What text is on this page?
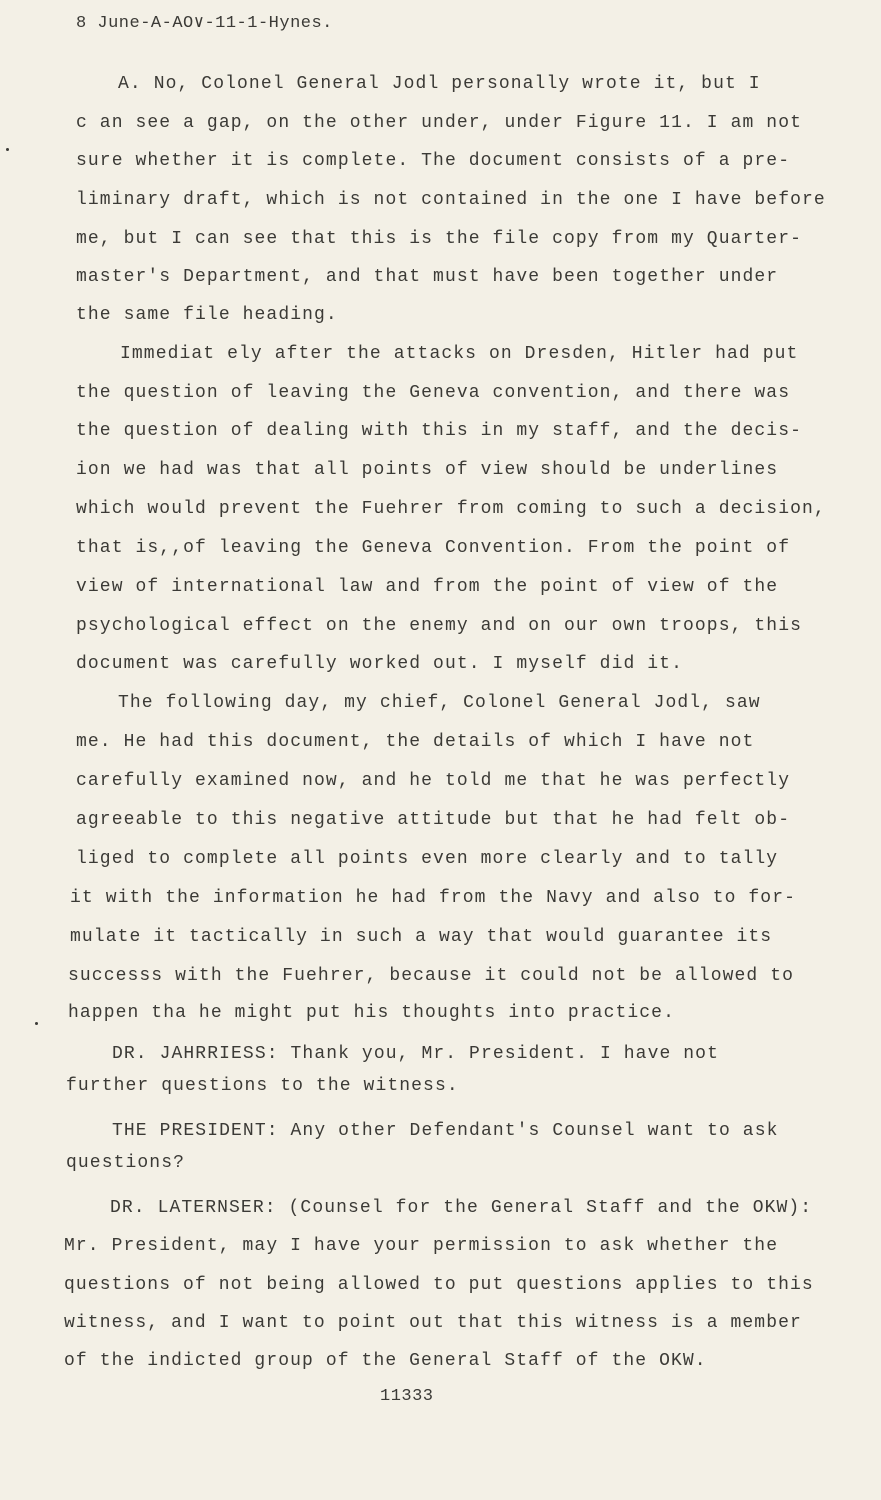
8 June-A-AO∨-11-1-Hynes.
A. No, Colonel General Jodl personally wrote it, but I
c an see a gap, on the other under, under Figure 11. I am not
sure whether it is complete. The document consists of a pre-
liminary draft, which is not contained in the one I have before
me, but I can see that this is the file copy from my Quarter-
master's Department, and that must have been together under
the same file heading.
Immediat ely after the attacks on Dresden, Hitler had put
the question of leaving the Geneva convention, and there was
the question of dealing with this in my staff, and the decis-
ion we had was that all points of view should be underlines
which would prevent the Fuehrer from coming to such a decision,
that is,,of leaving the Geneva Convention. From the point of
view of international law and from the point of view of the
psychological effect on the enemy and on our own troops, this
document was carefully worked out. I myself did it.
The following day, my chief, Colonel General Jodl, saw
me. He had this document, the details of which I have not
carefully examined now, and he told me that he was perfectly
agreeable to this negative attitude but that he had felt ob-
liged to complete all points even more clearly and to tally
it with the information he had from the Navy and also to for-
mulate it tactically in such a way that would guarantee its
successs with the Fuehrer, because it could not be allowed to
happen tha he might put his thoughts into practice.
DR. JAHRRIESS: Thank you, Mr. President. I have not
further questions to the witness.
THE PRESIDENT: Any other Defendant's Counsel want to ask
questions?
DR. LATERNSER: (Counsel for the General Staff and the OKW):
Mr. President, may I have your permission to ask whether the
questions of not being allowed to put questions applies to this
witness, and I want to point out that this witness is a member
of the indicted group of the General Staff of the OKW.
11333
